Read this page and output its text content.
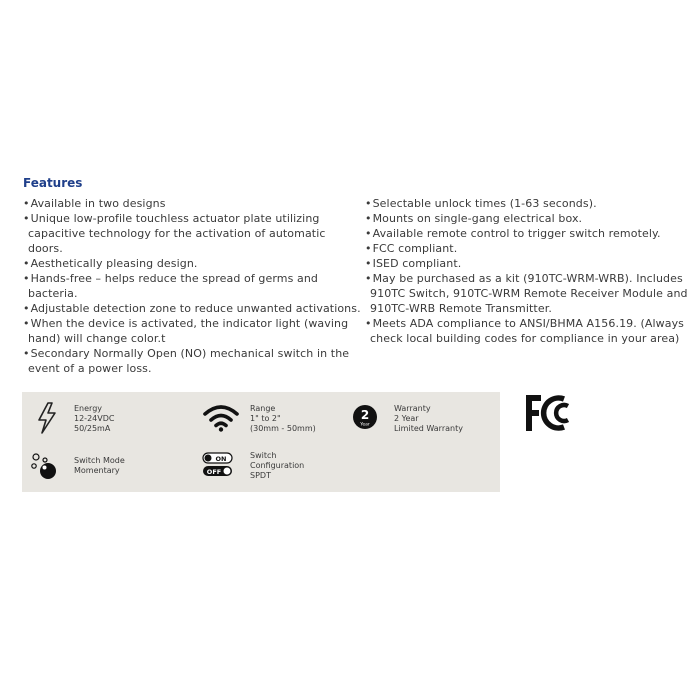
Features
•Available in two designs
•Unique low-profile touchless actuator plate utilizing
capacitive technology for the activation of automatic
doors.
•Aesthetically pleasing design.
•Hands-free – helps reduce the spread of germs and
bacteria.
•Adjustable detection zone to reduce unwanted activations.
•When the device is activated, the indicator light (waving
hand) will change color.t
•Secondary Normally Open (NO) mechanical switch in the
event of a power loss.
•Selectable unlock times (1-63 seconds).
•Mounts on single-gang electrical box.
•Available remote control to trigger switch remotely.
•FCC compliant.
•ISED compliant.
•May be purchased as a kit (910TC-WRM-WRB). Includes
910TC Switch, 910TC-WRM Remote Receiver Module and
910TC-WRB Remote Transmitter.
•Meets ADA compliance to ANSI/BHMA A156.19. (Always
check local building codes for compliance in your area)
Energy
12-24VDC
50/25mA
Range
1" to 2"
(30mm - 50mm)
2
Year
Warranty
2 Year
Limited Warranty
Switch Mode
Momentary
ON
OFF
Switch
Configuration
SPDT
